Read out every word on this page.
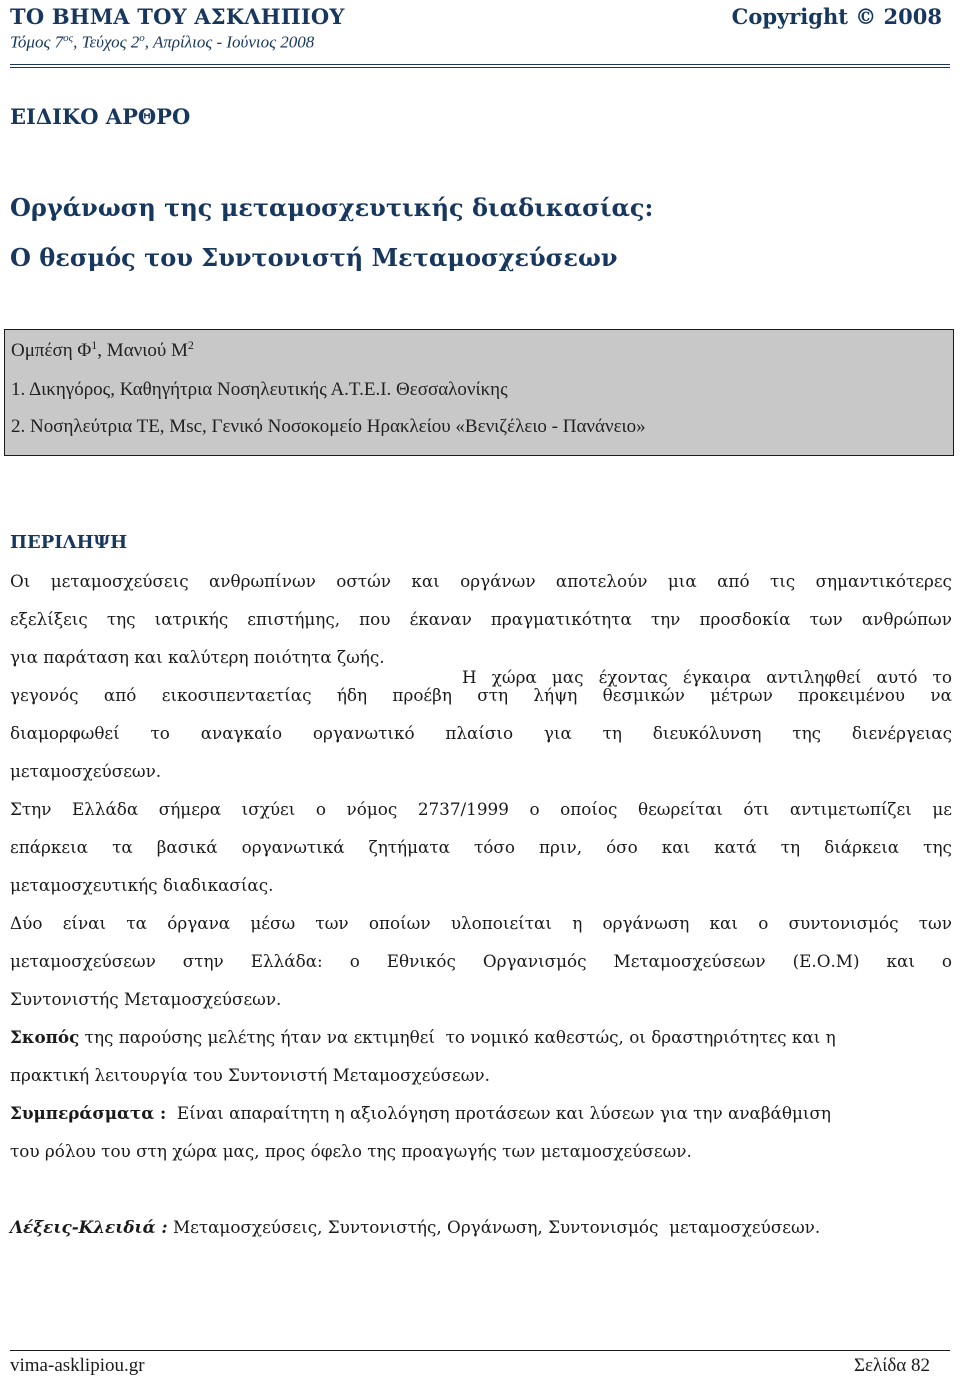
ΤΟ ΒΗΜΑ ΤΟΥ ΑΣΚΛΗΠΙΟΥ	Copyright © 2008
Τόμος $7^{o\varsigma}$, Τεύχος $2^o$, Απρίλιος - Ιούνιος 2008
ΕΙΔΙΚΟ ΑΡΘΡΟ
Οργάνωση της μεταμοσχευτικής διαδικασίας:
Ο θεσμός του Συντονιστή Μεταμοσχεύσεων
Ομπέση $\Phi^1$, Μανιού $M^2$
1. Δικηγόρος, Καθηγήτρια Νοσηλευτικής Α.Τ.Ε.Ι. Θεσσαλονίκης
2. Νοσηλεύτρια ΤΕ, Msc, Γενικό Νοσοκομείο Ηρακλείου «Βενιζέλειο - Πανάνειο»
ΠΕΡΙΛΗΨΗ
Οι μεταμοσχεύσεις ανθρωπίνων οστών και οργάνων αποτελούν μια από τις σημαντικότερες
εξελίξεις της ιατρικής επιστήμης, που έκαναν πραγματικότητα την προσδοκία των ανθρώπων
για παράταση και καλύτερη ποιότητα ζωής.
Η χώρα μας έχοντας έγκαιρα αντιληφθεί αυτό το
γεγονός από εικοσιπενταετίας ήδη προέβη στη λήψη θεσμικών μέτρων προκειμένου να
διαμορφωθεί το αναγκαίο οργανωτικό πλαίσιο για τη διευκόλυνση της διενέργειας
μεταμοσχεύσεων.
Στην Ελλάδα σήμερα ισχύει ο νόμος 2737/1999 ο οποίος θεωρείται ότι αντιμετωπίζει με
επάρκεια τα βασικά οργανωτικά ζητήματα τόσο πριν, όσο και κατά τη διάρκεια της
μεταμοσχευτικής διαδικασίας.
Δύο είναι τα όργανα μέσω των οποίων υλοποιείται η οργάνωση και ο συντονισμός των
μεταμοσχεύσεων στην Ελλάδα: ο Εθνικός Οργανισμός Μεταμοσχεύσεων (Ε.Ο.Μ) και ο
Συντονιστής Μεταμοσχεύσεων.
Σκοπός της παρούσης μελέτης ήταν να εκτιμηθεί  το νομικό καθεστώς, οι δραστηριότητες και η
πρακτική λειτουργία του Συντονιστή Μεταμοσχεύσεων.
Συμπεράσματα :  Είναι απαραίτητη η αξιολόγηση προτάσεων και λύσεων για την αναβάθμιση
του ρόλου του στη χώρα μας, προς όφελο της προαγωγής των μεταμοσχεύσεων.
Λέξεις-Κλειδιά : Μεταμοσχεύσεις, Συντονιστής, Οργάνωση, Συντονισμός  μεταμοσχεύσεων.
vima-asklipiou.gr	Σελίδα 82
